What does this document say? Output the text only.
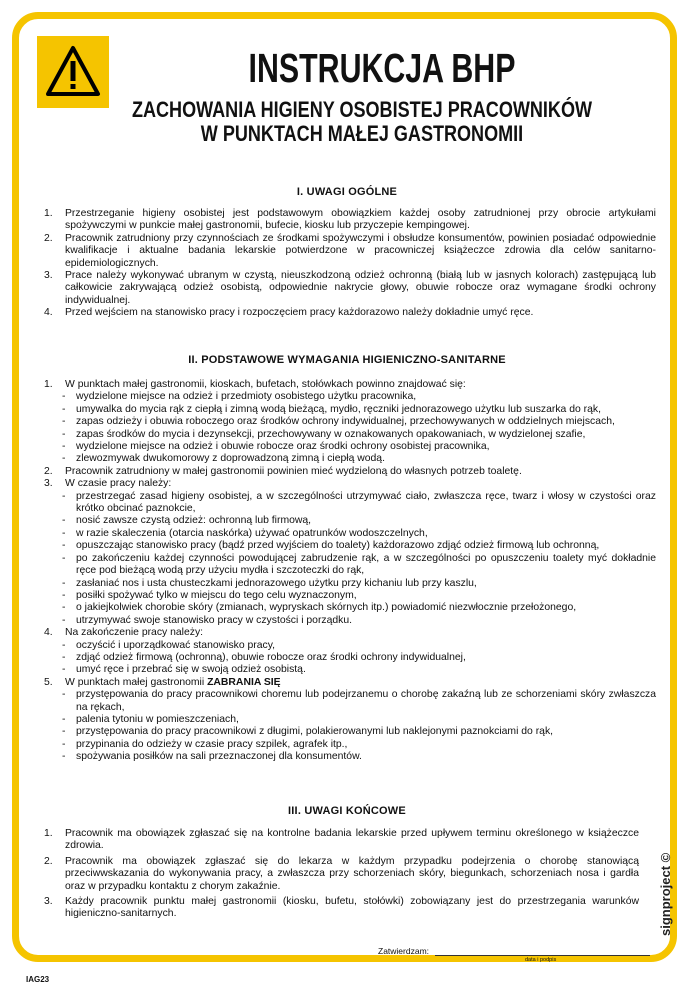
INSTRUKCJA BHP
ZACHOWANIA HIGIENY OSOBISTEJ PRACOWNIKÓW
W PUNKTACH MAŁEJ GASTRONOMII
I. UWAGI OGÓLNE
1.	Przestrzeganie higieny osobistej jest podstawowym obowiązkiem każdej osoby zatrudnionej przy obrocie artykułami spożywczymi w punkcie małej gastronomii, bufecie, kiosku lub przyczepie kempingowej.
2.	Pracownik zatrudniony przy czynnościach ze środkami spożywczymi i obsłudze konsumentów, powinien posiadać odpowiednie kwalifikacje i aktualne badania lekarskie potwierdzone w pracowniczej książeczce zdrowia dla celów sanitarno-epidemiologicznych.
3.	Prace należy wykonywać ubranym w czystą, nieuszkodzoną odzież ochronną (białą lub w jasnych kolorach) zastępującą lub całkowicie zakrywającą odzież osobistą, odpowiednie nakrycie głowy, obuwie robocze oraz wymagane środki ochrony indywidualnej.
4.	Przed wejściem na stanowisko pracy i rozpoczęciem pracy każdorazowo należy dokładnie umyć ręce.
II. PODSTAWOWE WYMAGANIA HIGIENICZNO-SANITARNE
1.	W punktach małej gastronomii, kioskach, bufetach, stołówkach powinno znajdować się:
-	wydzielone miejsce na odzież i przedmioty osobistego użytku pracownika,
-	umywalka do mycia rąk z ciepłą i zimną wodą bieżącą, mydło, ręczniki jednorazowego użytku lub suszarka do rąk,
-	zapas odzieży i obuwia roboczego oraz środków ochrony indywidualnej, przechowywanych w oddzielnych miejscach,
-	zapas środków do mycia i dezynsekcji, przechowywany w oznakowanych opakowaniach, w wydzielonej szafie,
-	wydzielone miejsce na odzież i obuwie robocze oraz środki ochrony osobistej pracownika,
-	zlewozmywak dwukomorowy z doprowadzoną zimną i ciepłą wodą.
2.	Pracownik zatrudniony w małej gastronomii powinien mieć wydzieloną do własnych potrzeb toaletę.
3.	W czasie pracy należy:
-	przestrzegać zasad higieny osobistej, a w szczególności utrzymywać ciało, zwłaszcza ręce, twarz i włosy w czystości oraz krótko obcinać paznokcie,
-	nosić zawsze czystą odzież: ochronną lub firmową,
-	w razie skaleczenia (otarcia naskórka) używać opatrunków wodoszczelnych,
-	opuszczając stanowisko pracy (bądź przed wyjściem do toalety) każdorazowo zdjąć odzież firmową lub ochronną,
-	po zakończeniu każdej czynności powodującej zabrudzenie rąk, a w szczególności po opuszczeniu toalety myć dokładnie ręce pod bieżącą wodą przy użyciu mydła i szczoteczki do rąk,
-	zasłaniać nos i usta chusteczkami jednorazowego użytku przy kichaniu lub przy kaszlu,
-	posiłki spożywać tylko w miejscu do tego celu wyznaczonym,
-	o jakiejkolwiek chorobie skóry (zmianach, wypryskach skórnych itp.) powiadomić niezwłocznie przełożonego,
-	utrzymywać swoje stanowisko pracy w czystości i porządku.
4.	Na zakończenie pracy należy:
-	oczyścić i uporządkować stanowisko pracy,
-	zdjąć odzież firmową (ochronną), obuwie robocze oraz środki ochrony indywidualnej,
-	umyć ręce i przebrać się w swoją odzież osobistą.
5.	W punktach małej gastronomii ZABRANIA SIĘ
-	przystępowania do pracy pracownikowi choremu lub podejrzanemu o chorobę zakaźną lub ze schorzeniami skóry zwłaszcza na rękach,
-	palenia tytoniu w pomieszczeniach,
-	przystępowania do pracy pracownikowi z długimi, polakierowanymi lub naklejonymi paznokciami do rąk,
-	przypinania do odzieży w czasie pracy szpilek, agrafek itp.,
-	spożywania posiłków na sali przeznaczonej dla konsumentów.
III. UWAGI KOŃCOWE
1.	Pracownik ma obowiązek zgłaszać się na kontrolne badania lekarskie przed upływem terminu określonego w książeczce zdrowia.
2.	Pracownik ma obowiązek zgłaszać się do lekarza w każdym przypadku podejrzenia o chorobę stanowiącą przeciwwskazania do wykonywania pracy, a zwłaszcza przy schorzeniach skóry, biegunkach, schorzeniach nosa i gardła oraz w przypadku kontaktu z chorym zakaźnie.
3.	Każdy pracownik punktu małej gastronomii (kiosku, bufetu, stołówki) zobowiązany jest do przestrzegania warunków higieniczno-sanitarnych.	signproject ©
Zatwierdzam:
data i podpis
IAG23
